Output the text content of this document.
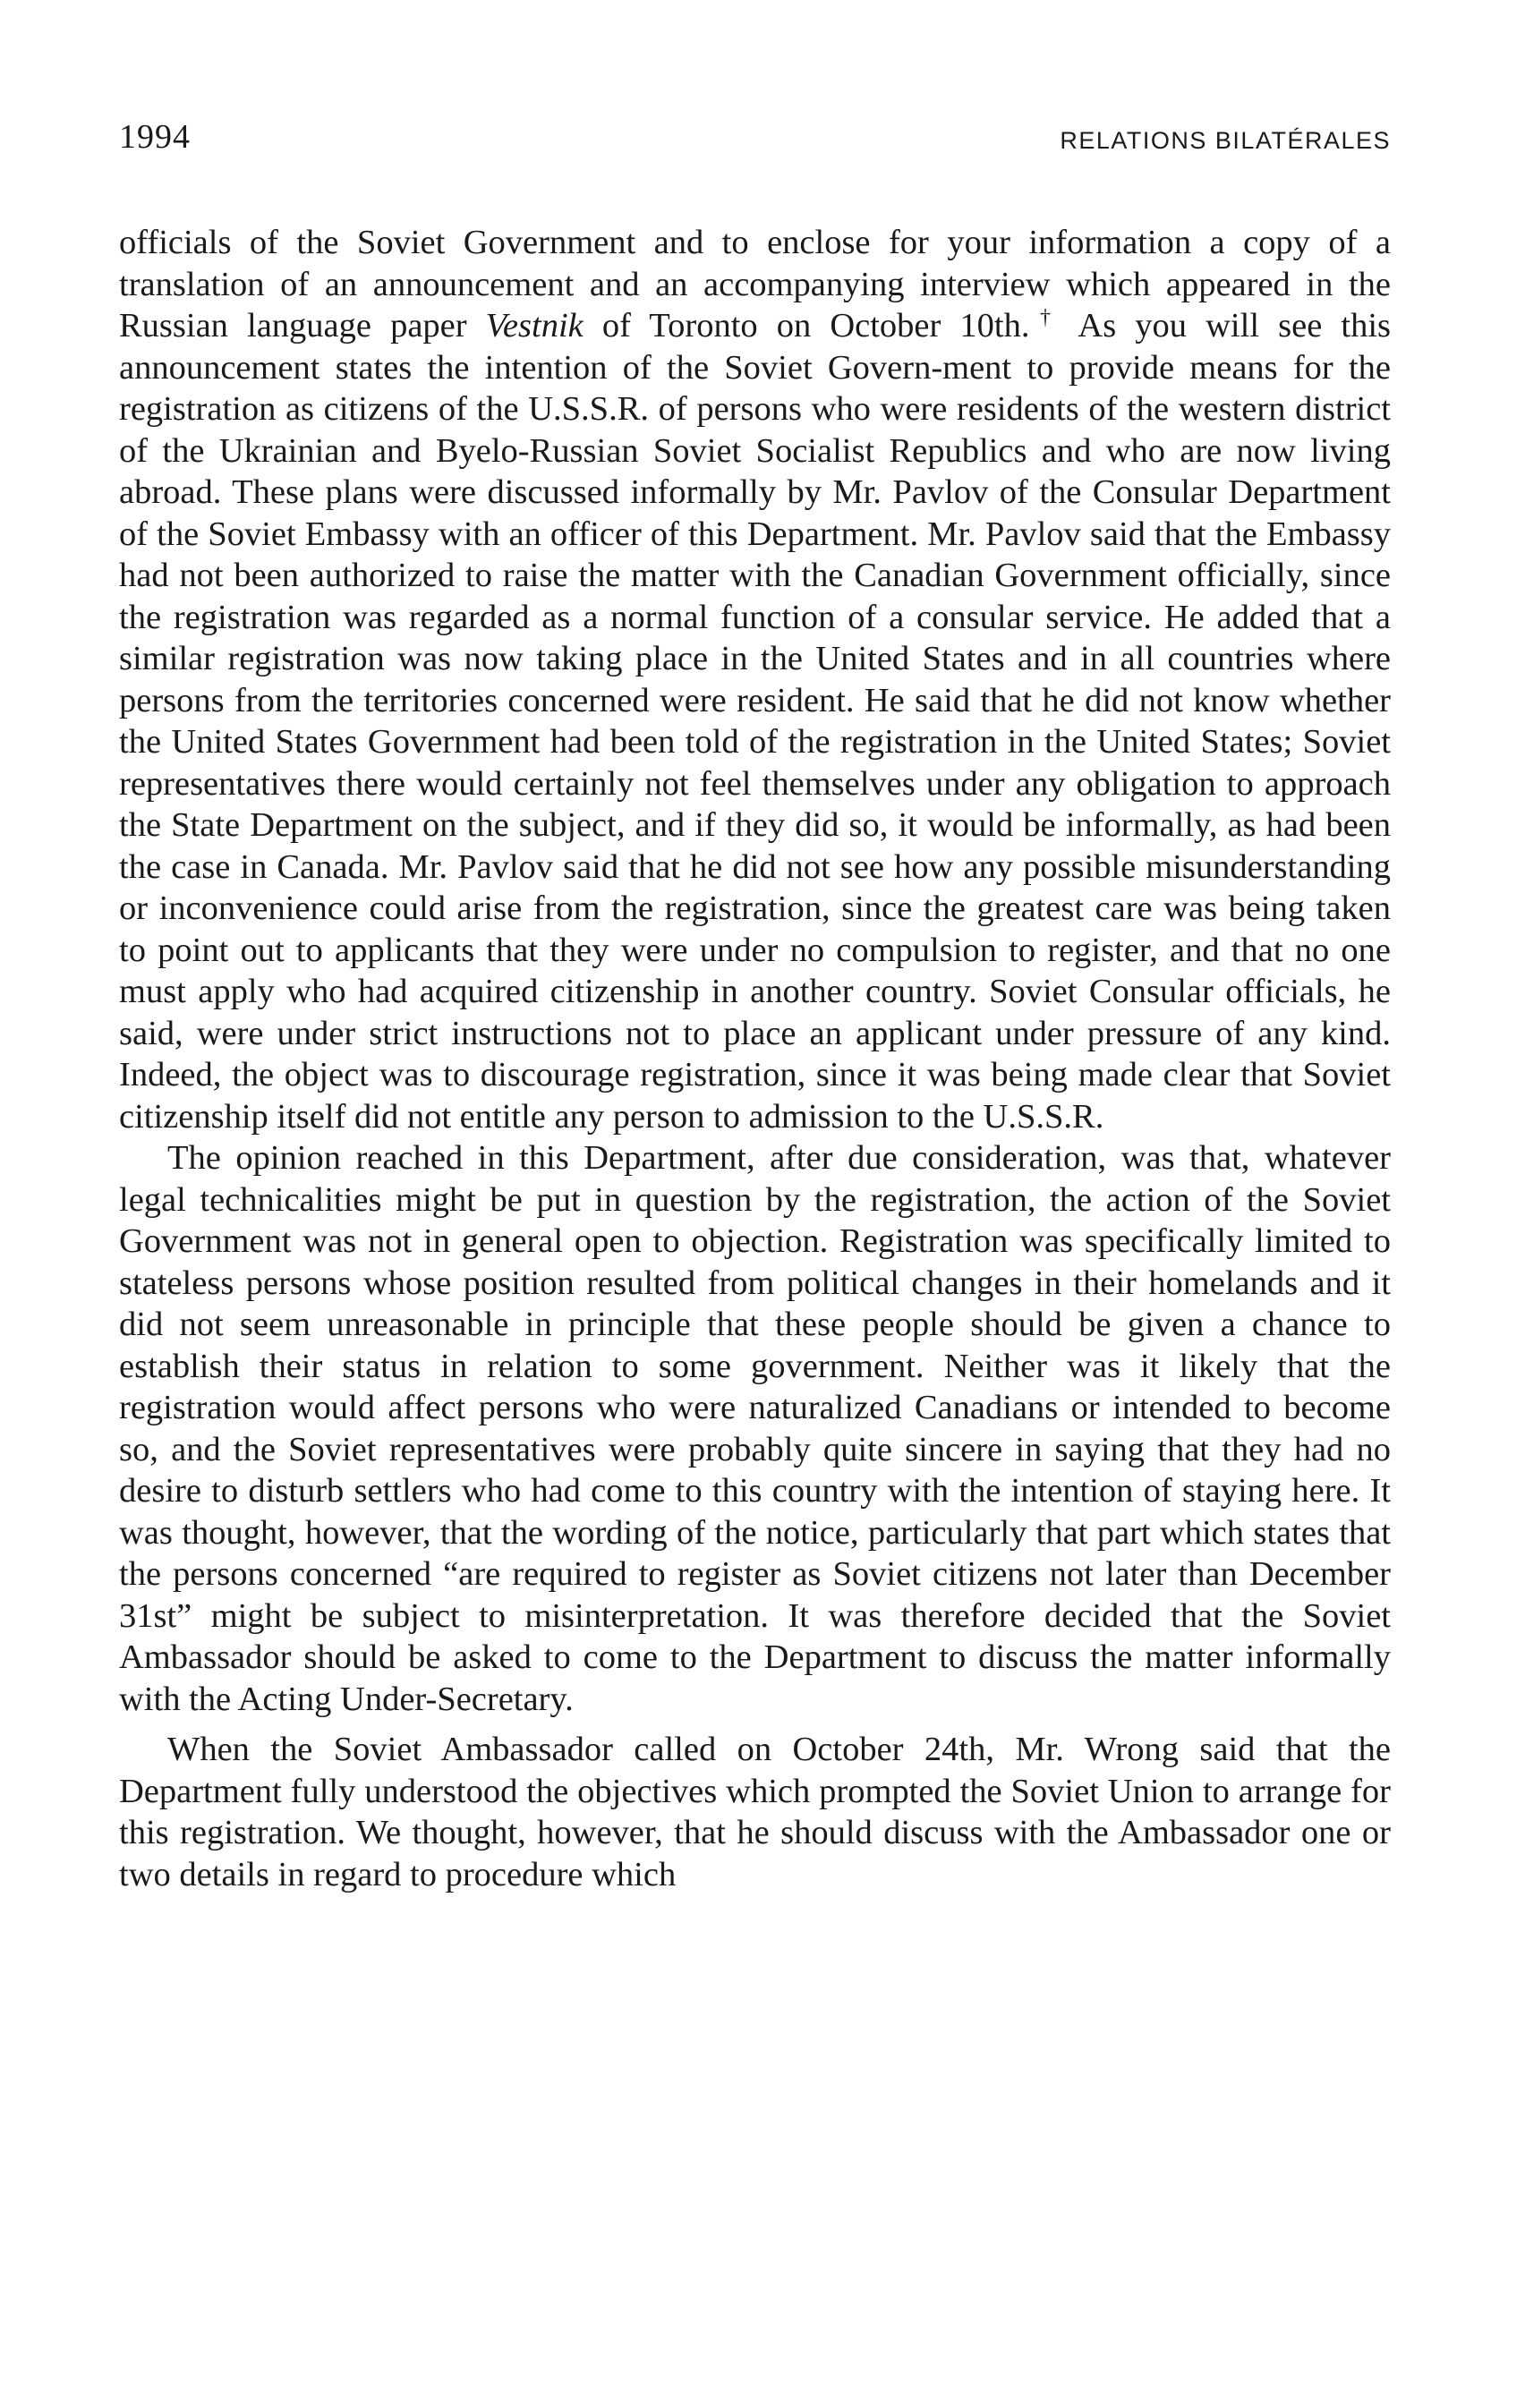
1994	RELATIONS BILATÉRALES

officials of the Soviet Government and to enclose for your information a copy of a translation of an announcement and an accompanying interview which appeared in the Russian language paper Vestnik of Toronto on October 10th.† As you will see this announcement states the intention of the Soviet Govern-ment to provide means for the registration as citizens of the U.S.S.R. of persons who were residents of the western district of the Ukrainian and Byelo-Russian Soviet Socialist Republics and who are now living abroad. These plans were discussed informally by Mr. Pavlov of the Consular Department of the Soviet Embassy with an officer of this Department. Mr. Pavlov said that the Embassy had not been authorized to raise the matter with the Canadian Government officially, since the registration was regarded as a normal function of a consular service. He added that a similar registration was now taking place in the United States and in all countries where persons from the territories concerned were resident. He said that he did not know whether the United States Government had been told of the registration in the United States; Soviet representatives there would certainly not feel themselves under any obligation to approach the State Department on the subject, and if they did so, it would be informally, as had been the case in Canada. Mr. Pavlov said that he did not see how any possible misunderstanding or inconvenience could arise from the registration, since the greatest care was being taken to point out to applicants that they were under no compulsion to register, and that no one must apply who had acquired citizenship in another country. Soviet Consular officials, he said, were under strict instructions not to place an applicant under pressure of any kind. Indeed, the object was to discourage registration, since it was being made clear that Soviet citizenship itself did not entitle any person to admission to the U.S.S.R.

The opinion reached in this Department, after due consideration, was that, whatever legal technicalities might be put in question by the registration, the action of the Soviet Government was not in general open to objection. Registration was specifically limited to stateless persons whose position resulted from political changes in their homelands and it did not seem unreasonable in principle that these people should be given a chance to establish their status in relation to some government. Neither was it likely that the registration would affect persons who were naturalized Canadians or intended to become so, and the Soviet representatives were probably quite sincere in saying that they had no desire to disturb settlers who had come to this country with the intention of staying here. It was thought, however, that the wording of the notice, particularly that part which states that the persons concerned “are required to register as Soviet citizens not later than December 31st” might be subject to misinterpretation. It was therefore decided that the Soviet Ambassador should be asked to come to the Department to discuss the matter informally with the Acting Under-Secretary.

When the Soviet Ambassador called on October 24th, Mr. Wrong said that the Department fully understood the objectives which prompted the Soviet Union to arrange for this registration. We thought, however, that he should discuss with the Ambassador one or two details in regard to procedure which
